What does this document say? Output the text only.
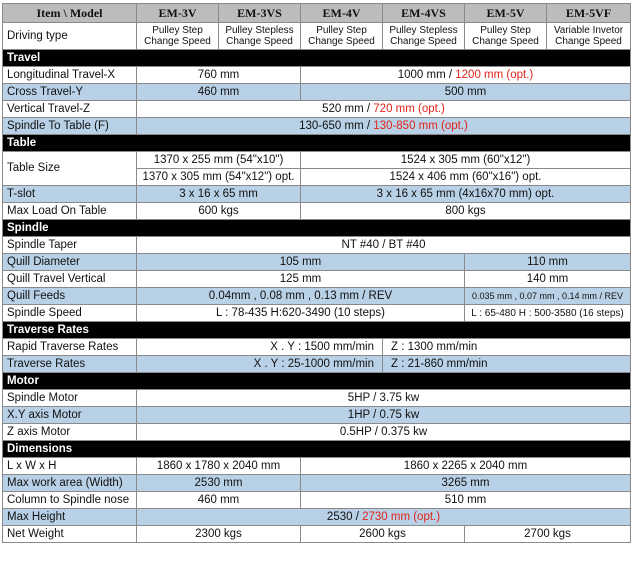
Item \ Model	EM-3V	EM-3VS	EM-4V	EM-4VS	EM-5V	EM-5VF
Driving type	Pulley Step Change Speed	Pulley Stepless Change Speed	Pulley Step Change Speed	Pulley Stepless Change Speed	Pulley Step Change Speed	Variable Invetor Change Speed
Travel						
Longitudinal Travel-X	760 mm		1000 mm / 1200 mm (opt.)			
Cross Travel-Y	460 mm		500 mm			
Vertical Travel-Z	520 mm / 720 mm (opt.)					
Spindle To Table (F)	130-650 mm / 130-850 mm (opt.)					
Table						
Table Size	1370 x 255 mm (54"x10")		1524 x 305 mm (60"x12")			
	1370 x 305 mm (54"x12") opt.		1524 x 406 mm (60"x16") opt.			
T-slot	3 x 16 x 65 mm		3 x 16 x 65 mm (4x16x70 mm) opt.			
Max Load On Table	600 kgs		800 kgs			
Spindle						
Spindle Taper	NT #40 / BT #40					
Quill Diameter	105 mm				110 mm	
Quill Travel Vertical	125 mm				140 mm	
Quill Feeds	0.04mm , 0.08 mm , 0.13 mm / REV				0.035 mm , 0.07 mm , 0.14 mm / REV	
Spindle Speed	L : 78-435 H:620-3490 (10 steps)				L : 65-480 H : 500-3580 (16 steps)	
Traverse Rates						
Rapid Traverse Rates	X . Y : 1500 mm/min			Z : 1300 mm/min		
Traverse Rates	X . Y : 25-1000 mm/min			Z : 21-860 mm/min		
Motor						
Spindle Motor	5HP / 3.75 kw					
X.Y axis Motor	1HP / 0.75 kw					
Z axis Motor	0.5HP / 0.375 kw					
Dimensions						
L x W x H	1860 x 1780 x 2040 mm		1860 x 2265 x 2040 mm			
Max work area (Width)	2530 mm		3265 mm			
Column to Spindle nose	460 mm		510 mm			
Max Height	2530 / 2730 mm (opt.)					
Net Weight	2300 kgs		2600 kgs		2700 kgs	
